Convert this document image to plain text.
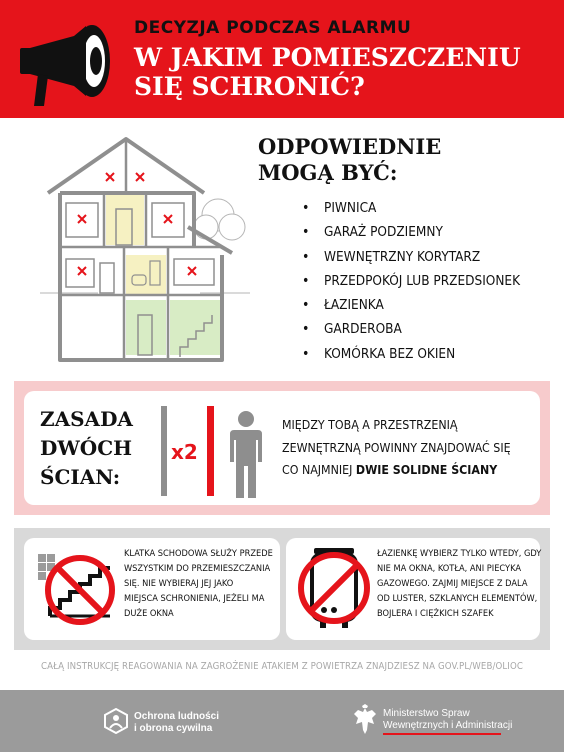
DECYZJA PODCZAS ALARMU
W JAKIM POMIESZCZENIU
SIĘ SCHRONIĆ?
ODPOWIEDNIE
MOGĄ BYĆ:
• PIWNICA
• GARAŻ PODZIEMNY
• WEWNĘTRZNY KORYTARZ
• PRZEDPOKÓJ LUB PRZEDSIONEK
• ŁAZIENKA
• GARDEROBA
• KOMÓRKA BEZ OKIEN
ZASADA
DWÓCH
ŚCIAN:
x2
MIĘDZY TOBĄ A PRZESTRZENIĄ
ZEWNĘTRZNĄ POWINNY ZNAJDOWAĆ SIĘ
CO NAJMNIEJ DWIE SOLIDNE ŚCIANY
KLATKA SCHODOWA SŁUŻY PRZEDE
WSZYSTKIM DO PRZEMIESZCZANIA
SIĘ. NIE WYBIERAJ JEJ JAKO
MIEJSCA SCHRONIENIA, JEŻELI MA
DUŻE OKNA
ŁAZIENKĘ WYBIERZ TYLKO WTEDY, GDY
NIE MA OKNA, KOTŁA, ANI PIECYKA
GAZOWEGO. ZAJMIJ MIEJSCE Z DALA
OD LUSTER, SZKLANYCH ELEMENTÓW,
BOJLERA I CIĘŻKICH SZAFEK
CAŁĄ INSTRUKCJĘ REAGOWANIA NA ZAGROŻENIE ATAKIEM Z POWIETRZA ZNAJDZIESZ NA GOV.PL/WEB/OLIOC
Ochrona ludności
i obrona cywilna
Ministerstwo Spraw
Wewnętrznych i Administracji
